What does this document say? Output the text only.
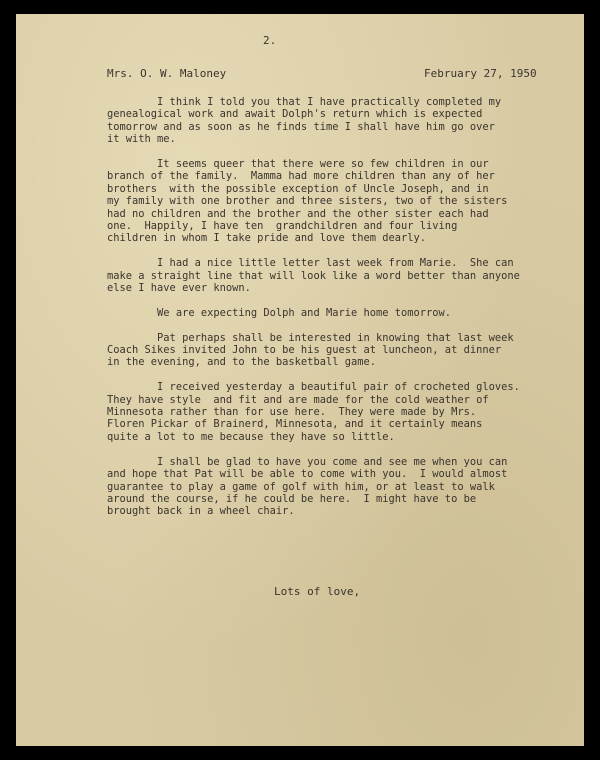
2.
Mrs. O. W. Maloney	February 27, 1950

I think I told you that I have practically completed my
genealogical work and await Dolph's return which is expected
tomorrow and as soon as he finds time I shall have him go over
it with me.

It seems queer that there were so few children in our
branch of the family.  Mamma had more children than any of her
brothers  with the possible exception of Uncle Joseph, and in
my family with one brother and three sisters, two of the sisters
had no children and the brother and the other sister each had
one.  Happily, I have ten  grandchildren and four living
children in whom I take pride and love them dearly.

I had a nice little letter last week from Marie.  She can
make a straight line that will look like a word better than anyone
else I have ever known.

We are expecting Dolph and Marie home tomorrow.

Pat perhaps shall be interested in knowing that last week
Coach Sikes invited John to be his guest at luncheon, at dinner
in the evening, and to the basketball game.

I received yesterday a beautiful pair of crocheted gloves.
They have style  and fit and are made for the cold weather of
Minnesota rather than for use here.  They were made by Mrs.
Floren Pickar of Brainerd, Minnesota, and it certainly means
quite a lot to me because they have so little.

I shall be glad to have you come and see me when you can
and hope that Pat will be able to come with you.  I would almost
guarantee to play a game of golf with him, or at least to walk
around the course, if he could be here.  I might have to be
brought back in a wheel chair.

Lots of love,
